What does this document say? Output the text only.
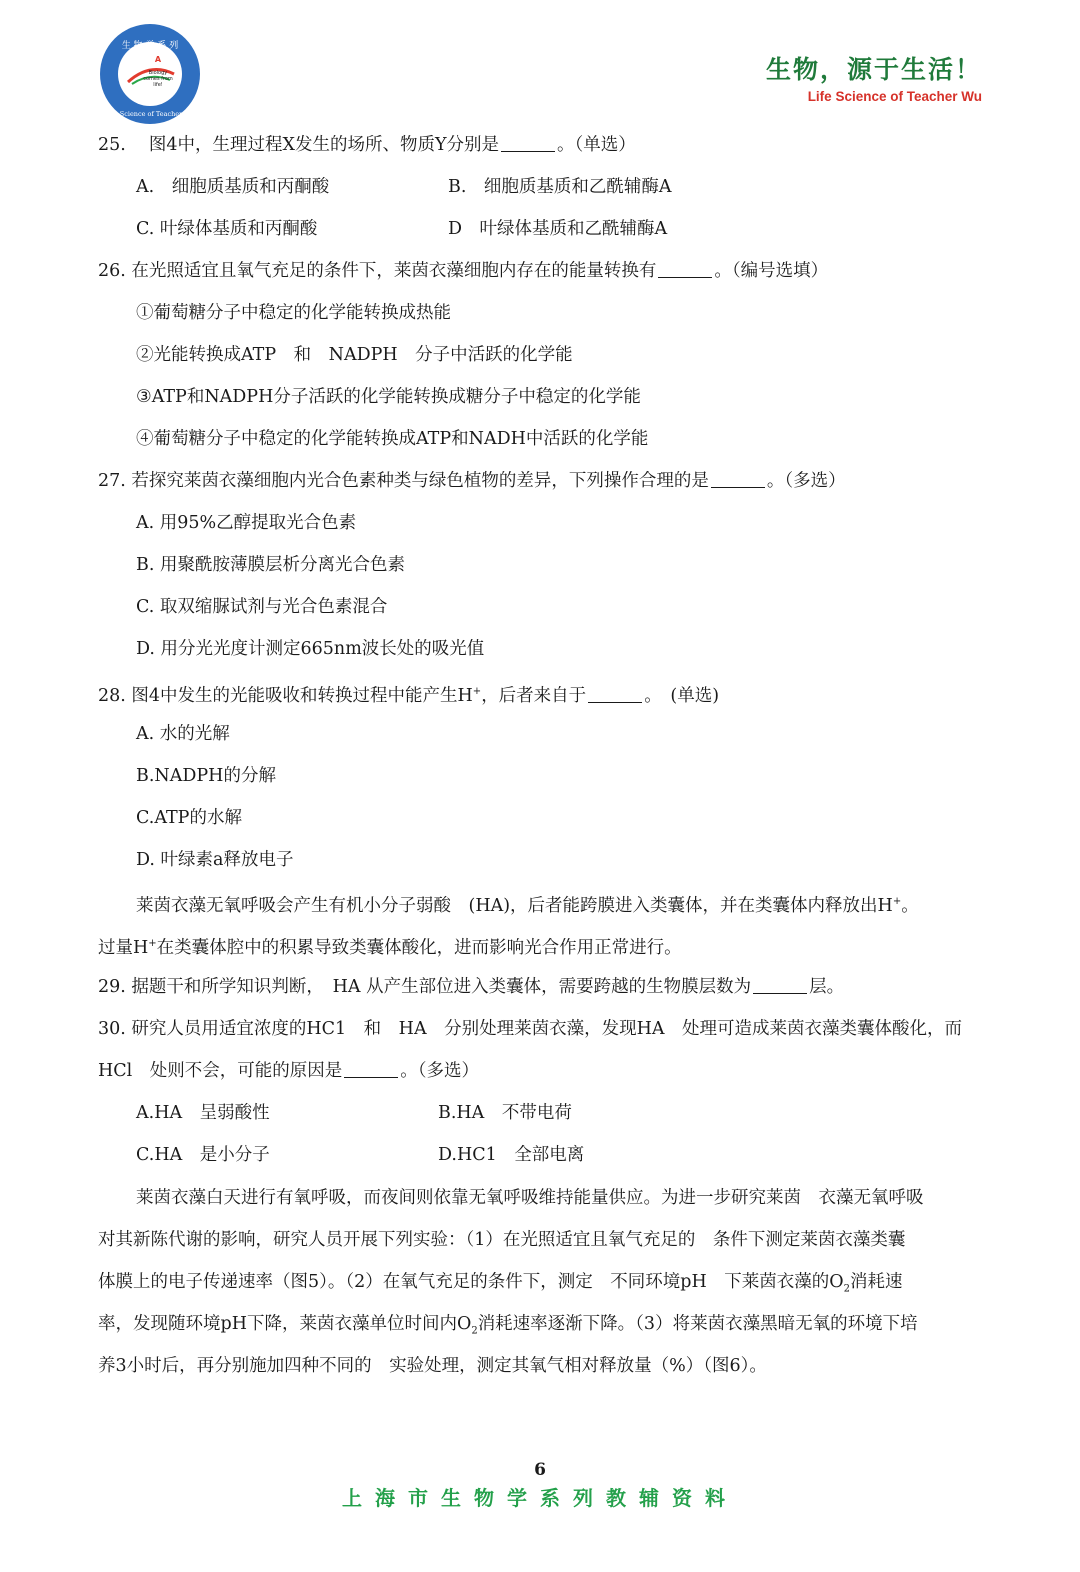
生 物 学 系 列
A
Biology
comes from
life!
Life Science of Teacher Wu
生物，源于生活！
Life Science of Teacher Wu
25.　 图4中，生理过程X发生的场所、物质Y分别是	。（单选）
A.　细胞质基质和丙酮酸	B.　细胞质基质和乙酰辅酶A
C. 叶绿体基质和丙酮酸	D　叶绿体基质和乙酰辅酶A
26. 在光照适宜且氧气充足的条件下，莱茵衣藻细胞内存在的能量转换有	。（编号选填）
①葡萄糖分子中稳定的化学能转换成热能
②光能转换成ATP　和　NADPH　分子中活跃的化学能
③ATP和NADPH分子活跃的化学能转换成糖分子中稳定的化学能
④葡萄糖分子中稳定的化学能转换成ATP和NADH中活跃的化学能
27. 若探究莱茵衣藻细胞内光合色素种类与绿色植物的差异，下列操作合理的是	。（多选）
A. 用95%乙醇提取光合色素
B. 用聚酰胺薄膜层析分离光合色素
C. 取双缩脲试剂与光合色素混合
D. 用分光光度计测定665nm波长处的吸光值
28. 图4中发生的光能吸收和转换过程中能产生H+，后者来自于	。　(单选)
A. 水的光解
B.NADPH的分解
C.ATP的水解
D. 叶绿素a释放电子
莱茵衣藻无氧呼吸会产生有机小分子弱酸　(HA)，后者能跨膜进入类囊体，并在类囊体内释放出H+。
过量H+在类囊体腔中的积累导致类囊体酸化，进而影响光合作用正常进行。
29. 据题干和所学知识判断，　HA 从产生部位进入类囊体，需要跨越的生物膜层数为	层。
30. 研究人员用适宜浓度的HC1　和　HA　分别处理莱茵衣藻，发现HA　处理可造成莱茵衣藻类囊体酸化，而
HCl　处则不会，可能的原因是	。（多选）
A.HA　呈弱酸性	B.HA　不带电荷
C.HA　是小分子	D.HC1　全部电离
莱茵衣藻白天进行有氧呼吸，而夜间则依靠无氧呼吸维持能量供应。为进一步研究莱茵　衣藻无氧呼吸
对其新陈代谢的影响，研究人员开展下列实验：（1）在光照适宜且氧气充足的　条件下测定莱茵衣藻类囊
体膜上的电子传递速率（图5）。（2）在氧气充足的条件下，测定　不同环境pH　下莱茵衣藻的$O_2$消耗速
率，发现随环境pH下降，莱茵衣藻单位时间内$O_2$消耗速率逐渐下降。（3）将莱茵衣藻黑暗无氧的环境下培
养3小时后，再分别施加四种不同的　实验处理，测定其氧气相对释放量（%）（图6）。
6
上海市生物学系列教辅资料
